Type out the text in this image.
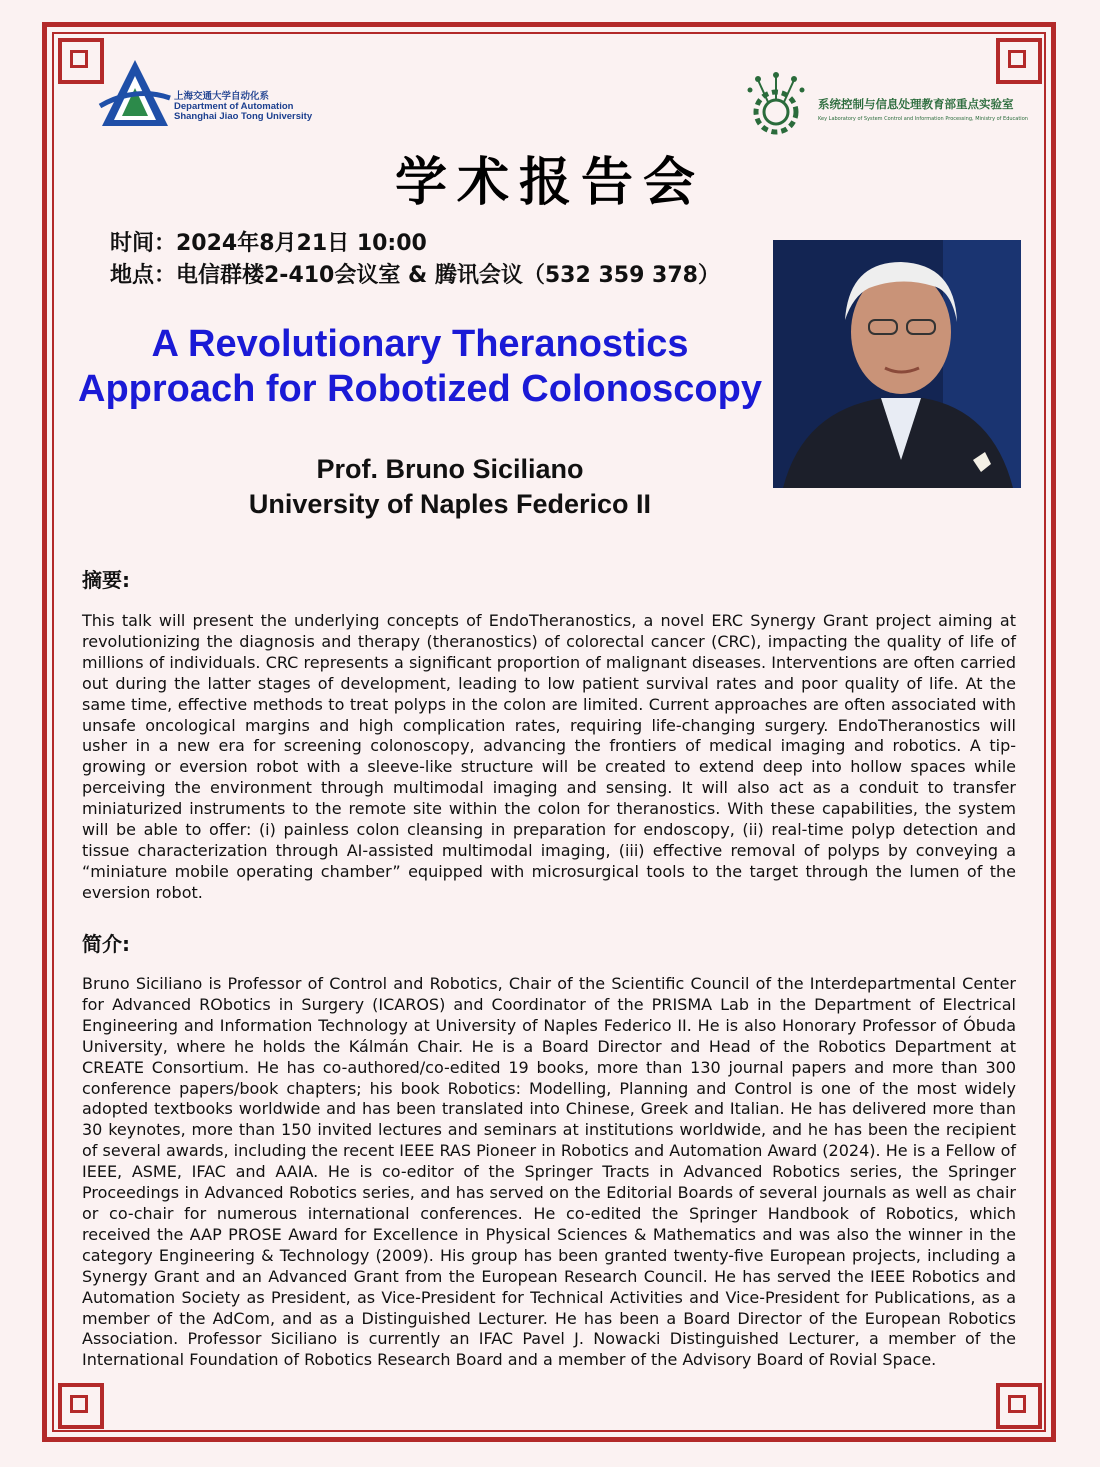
上海交通大学自动化系
Department of Automation
Shanghai Jiao Tong University
系统控制与信息处理教育部重点实验室
Key Laboratory of System Control and Information Processing, Ministry of Education
学术报告会
时间：2024年8月21日 10:00
地点：电信群楼2-410会议室 & 腾讯会议（532 359 378）
A Revolutionary Theranostics
Approach for Robotized Colonoscopy
Prof. Bruno Siciliano
University of Naples Federico II
摘要:
This talk will present the underlying concepts of EndoTheranostics, a novel ERC Synergy Grant project aiming at revolutionizing the diagnosis and therapy (theranostics) of colorectal cancer (CRC), impacting the quality of life of millions of individuals. CRC represents a significant proportion of malignant diseases. Interventions are often carried out during the latter stages of development, leading to low patient survival rates and poor quality of life. At the same time, effective methods to treat polyps in the colon are limited. Current approaches are often associated with unsafe oncological margins and high complication rates, requiring life-changing surgery. EndoTheranostics will usher in a new era for screening colonoscopy, advancing the frontiers of medical imaging and robotics. A tip-growing or eversion robot with a sleeve-like structure will be created to extend deep into hollow spaces while perceiving the environment through multimodal imaging and sensing. It will also act as a conduit to transfer miniaturized instruments to the remote site within the colon for theranostics. With these capabilities, the system will be able to offer: (i) painless colon cleansing in preparation for endoscopy, (ii) real-time polyp detection and tissue characterization through AI-assisted multimodal imaging, (iii) effective removal of polyps by conveying a “miniature mobile operating chamber” equipped with microsurgical tools to the target through the lumen of the eversion robot.
简介:
Bruno Siciliano is Professor of Control and Robotics, Chair of the Scientific Council of the Interdepartmental Center for Advanced RObotics in Surgery (ICAROS) and Coordinator of the PRISMA Lab in the Department of Electrical Engineering and Information Technology at University of Naples Federico II. He is also Honorary Professor of Óbuda University, where he holds the Kálmán Chair. He is a Board Director and Head of the Robotics Department at CREATE Consortium. He has co-authored/co-edited 19 books, more than 130 journal papers and more than 300 conference papers/book chapters; his book Robotics: Modelling, Planning and Control is one of the most widely adopted textbooks worldwide and has been translated into Chinese, Greek and Italian. He has delivered more than 30 keynotes, more than 150 invited lectures and seminars at institutions worldwide, and he has been the recipient of several awards, including the recent IEEE RAS Pioneer in Robotics and Automation Award (2024). He is a Fellow of IEEE, ASME, IFAC and AAIA. He is co-editor of the Springer Tracts in Advanced Robotics series, the Springer Proceedings in Advanced Robotics series, and has served on the Editorial Boards of several journals as well as chair or co-chair for numerous international conferences. He co-edited the Springer Handbook of Robotics, which received the AAP PROSE Award for Excellence in Physical Sciences & Mathematics and was also the winner in the category Engineering & Technology (2009). His group has been granted twenty-five European projects, including a Synergy Grant and an Advanced Grant from the European Research Council. He has served the IEEE Robotics and Automation Society as President, as Vice-President for Technical Activities and Vice-President for Publications, as a member of the AdCom, and as a Distinguished Lecturer. He has been a Board Director of the European Robotics Association. Professor Siciliano is currently an IFAC Pavel J. Nowacki Distinguished Lecturer, a member of the International Foundation of Robotics Research Board and a member of the Advisory Board of Rovial Space.
